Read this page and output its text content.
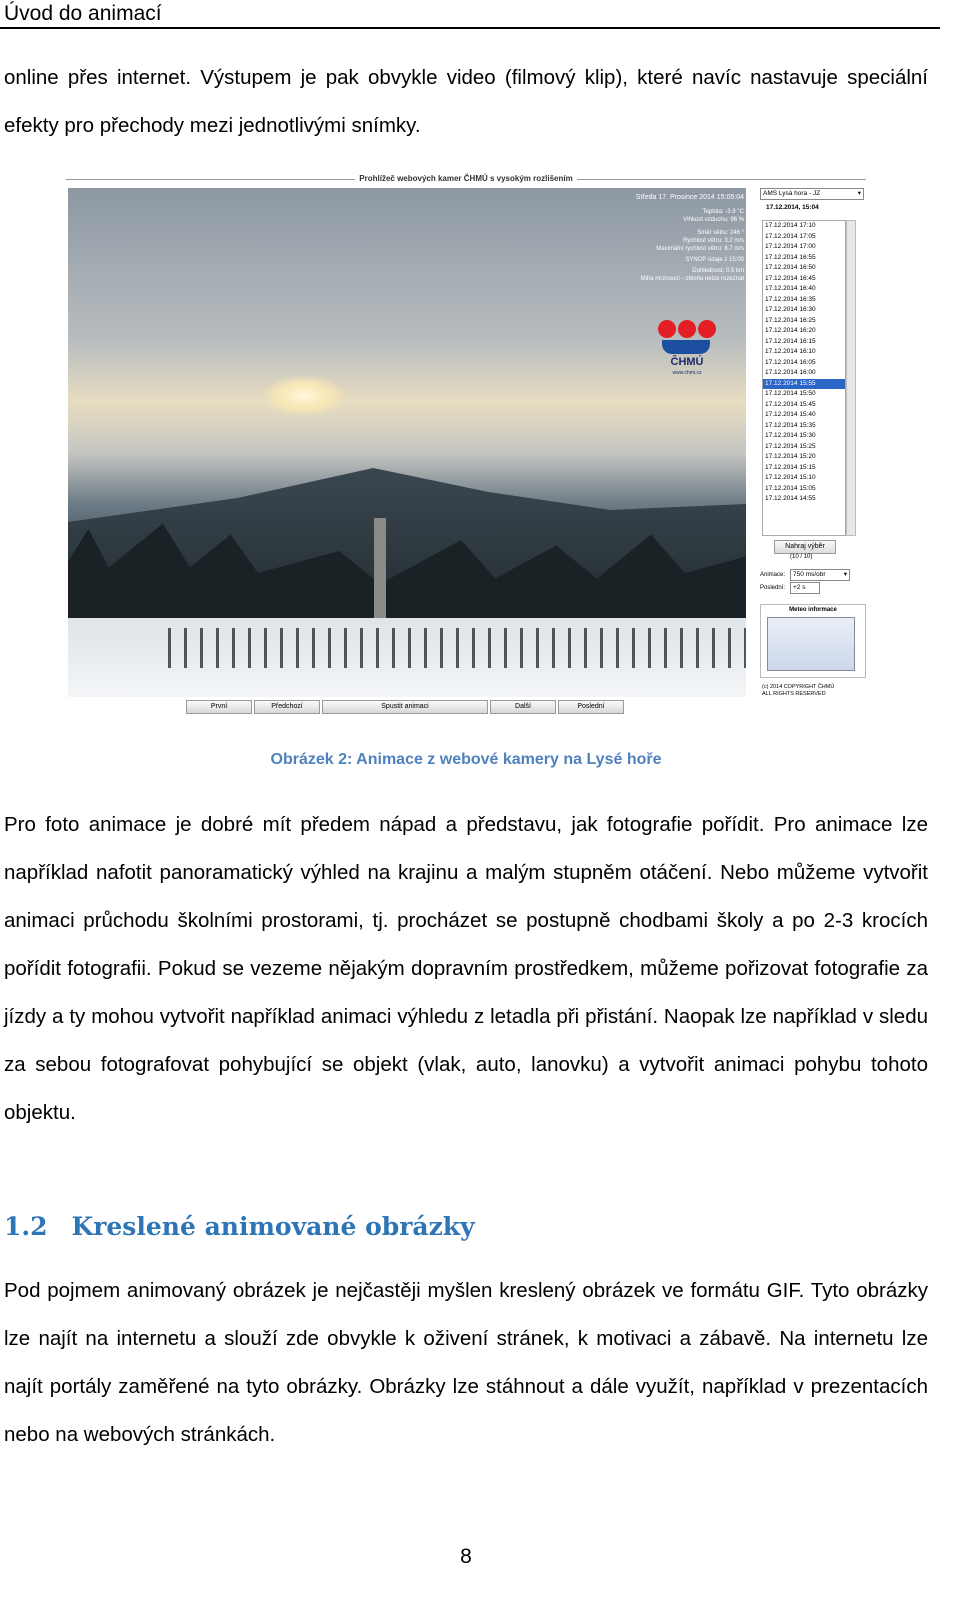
Úvod do animací
online přes internet. Výstupem je pak obvykle video (filmový klip), které navíc nastavuje speciální efekty pro přechody mezi jednotlivými snímky.
Prohlížeč webových kamer ČHMÚ s vysokým rozlišením
Středa 17. Prosince 2014 15:05:04
Teplota: -3.9 °C
Vlhkost vzduchu: 96 %
Směr větru: 246 °
Rychlost větru: 3.2 m/s
Maximální rychlost větru: 8.7 m/s
SYNOP údaje z 15:00
Dohlednost: 0.5 km
Mlha mrznoucí - oblohu nelze rozeznat
ČHMÚ
www.chmi.cz
AMS Lysá hora - JZ	▾
17.12.2014, 15:04
17.12.2014 17:10
17.12.2014 17:05
17.12.2014 17:00
17.12.2014 16:55
17.12.2014 16:50
17.12.2014 16:45
17.12.2014 16:40
17.12.2014 16:35
17.12.2014 16:30
17.12.2014 16:25
17.12.2014 16:20
17.12.2014 16:15
17.12.2014 16:10
17.12.2014 16:05
17.12.2014 16:00
17.12.2014 15:55
17.12.2014 15:50
17.12.2014 15:45
17.12.2014 15:40
17.12.2014 15:35
17.12.2014 15:30
17.12.2014 15:25
17.12.2014 15:20
17.12.2014 15:15
17.12.2014 15:10
17.12.2014 15:05
17.12.2014 14:55
Nahraj výběr
(10 / 10)
Animace:	750 ms/obr	▾
Poslední:	+2 s
Meteo informace
(c) 2014 COPYRIGHT ČHMÚ
ALL RIGHTS RESERVED
První	Předchozí	Spustit animaci	Další	Poslední
Obrázek 2: Animace z webové kamery na Lysé hoře
Pro foto animace je dobré mít předem nápad a představu, jak fotografie pořídit. Pro animace lze například nafotit panoramatický výhled na krajinu a malým stupněm otáčení. Nebo můžeme vytvořit animaci průchodu školními prostorami, tj. procházet se postupně chodbami školy a po 2-3 krocích pořídit fotografii. Pokud se vezeme nějakým dopravním prostředkem, můžeme pořizovat fotografie za jízdy a ty mohou vytvořit například animaci výhledu z letadla při přistání. Naopak lze například v sledu za sebou fotografovat pohybující se objekt (vlak, auto, lanovku) a vytvořit animaci pohybu tohoto objektu.
1.2 Kreslené animované obrázky
Pod pojmem animovaný obrázek je nejčastěji myšlen kreslený obrázek ve formátu GIF. Tyto obrázky lze najít na internetu a slouží zde obvykle k oživení stránek, k motivaci a zábavě. Na internetu lze najít portály zaměřené na tyto obrázky. Obrázky lze stáhnout a dále využít, například v prezentacích nebo na webových stránkách.
8
